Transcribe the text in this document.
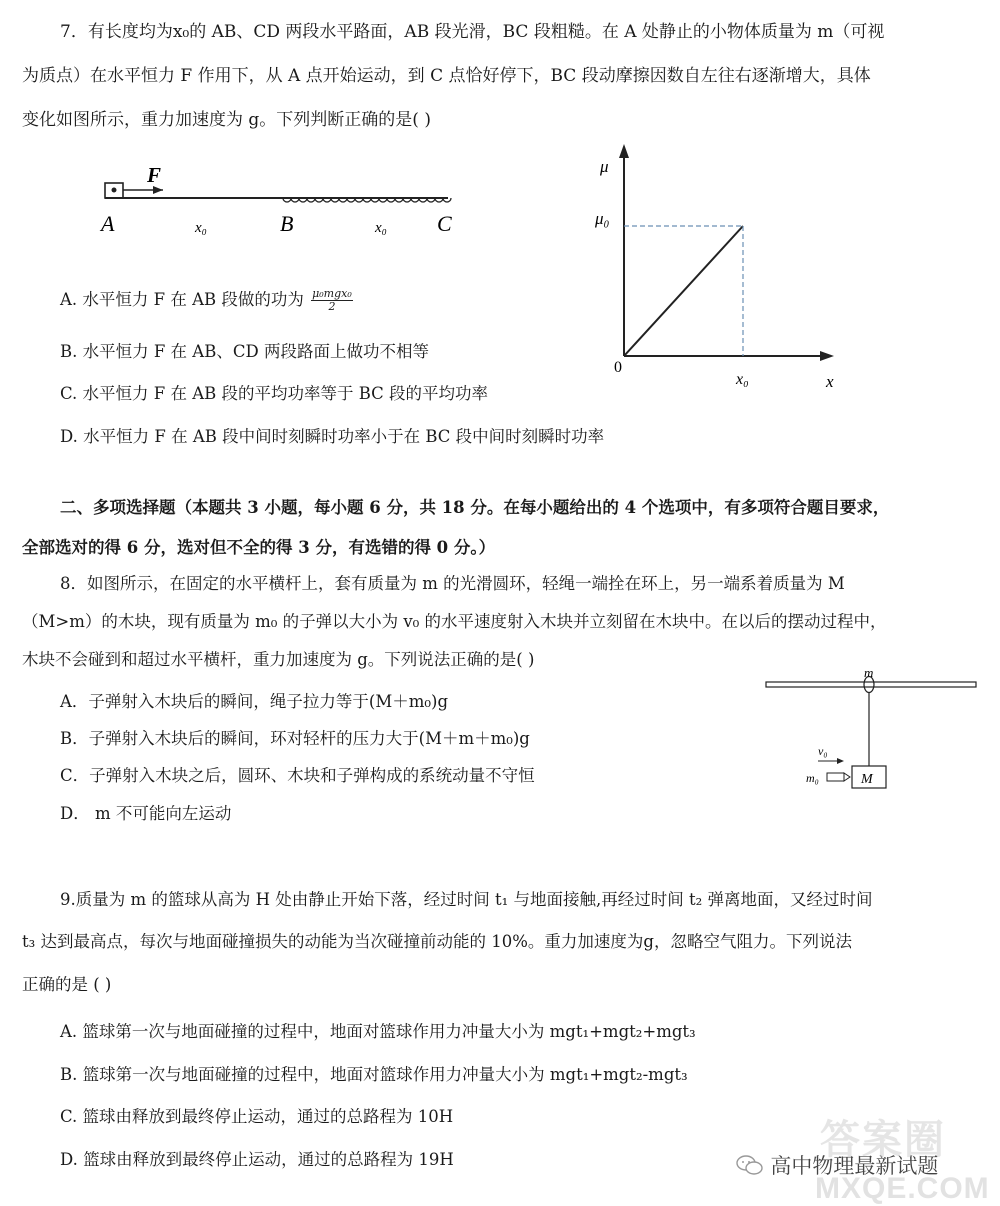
7．有长度均为x₀的 AB、CD 两段水平路面，AB 段光滑，BC 段粗糙。在 A 处静止的小物体质量为 m（可视
为质点）在水平恒力 F 作用下，从 A 点开始运动，到 C 点恰好停下，BC 段动摩擦因数自左往右逐渐增大，具体
变化如图所示，重力加速度为 g。下列判断正确的是( )
F
A	B	C
x₀	x₀
μ
μ₀
0
x₀	x
A. 水平恒力 F 在 AB 段做的功为 μ₀mgx₀
2
B. 水平恒力 F 在 AB、CD 两段路面上做功不相等
C. 水平恒力 F 在 AB 段的平均功率等于 BC 段的平均功率
D. 水平恒力 F 在 AB 段中间时刻瞬时功率小于在 BC 段中间时刻瞬时功率
二、多项选择题（本题共 3 小题，每小题 6 分，共 18 分。在每小题给出的 4 个选项中，有多项符合题目要求，
全部选对的得 6 分，选对但不全的得 3 分，有选错的得 0 分。）
8．如图所示，在固定的水平横杆上，套有质量为 m 的光滑圆环，轻绳一端拴在环上，另一端系着质量为 M
（M>m）的木块，现有质量为 m₀ 的子弹以大小为 v₀ 的水平速度射入木块并立刻留在木块中。在以后的摆动过程中，
木块不会碰到和超过水平横杆，重力加速度为 g。下列说法正确的是( )
A．子弹射入木块后的瞬间，绳子拉力等于(M＋m₀)g
B．子弹射入木块后的瞬间，环对轻杆的压力大于(M＋m＋m₀)g
C．子弹射入木块之后，圆环、木块和子弹构成的系统动量不守恒
D． m 不可能向左运动
m
M
m₀
v₀
9.质量为 m 的篮球从高为 H 处由静止开始下落，经过时间 t₁ 与地面接触,再经过时间 t₂ 弹离地面，又经过时间
t₃ 达到最高点，每次与地面碰撞损失的动能为当次碰撞前动能的 10%。重力加速度为g，忽略空气阻力。下列说法
正确的是 ( )
A. 篮球第一次与地面碰撞的过程中，地面对篮球作用力冲量大小为 mgt₁+mgt₂+mgt₃
B. 篮球第一次与地面碰撞的过程中，地面对篮球作用力冲量大小为 mgt₁+mgt₂-mgt₃
C. 篮球由释放到最终停止运动，通过的总路程为 10H
D. 篮球由释放到最终停止运动，通过的总路程为 19H	高中物理最新试题
答案圈
MXQE.COM
